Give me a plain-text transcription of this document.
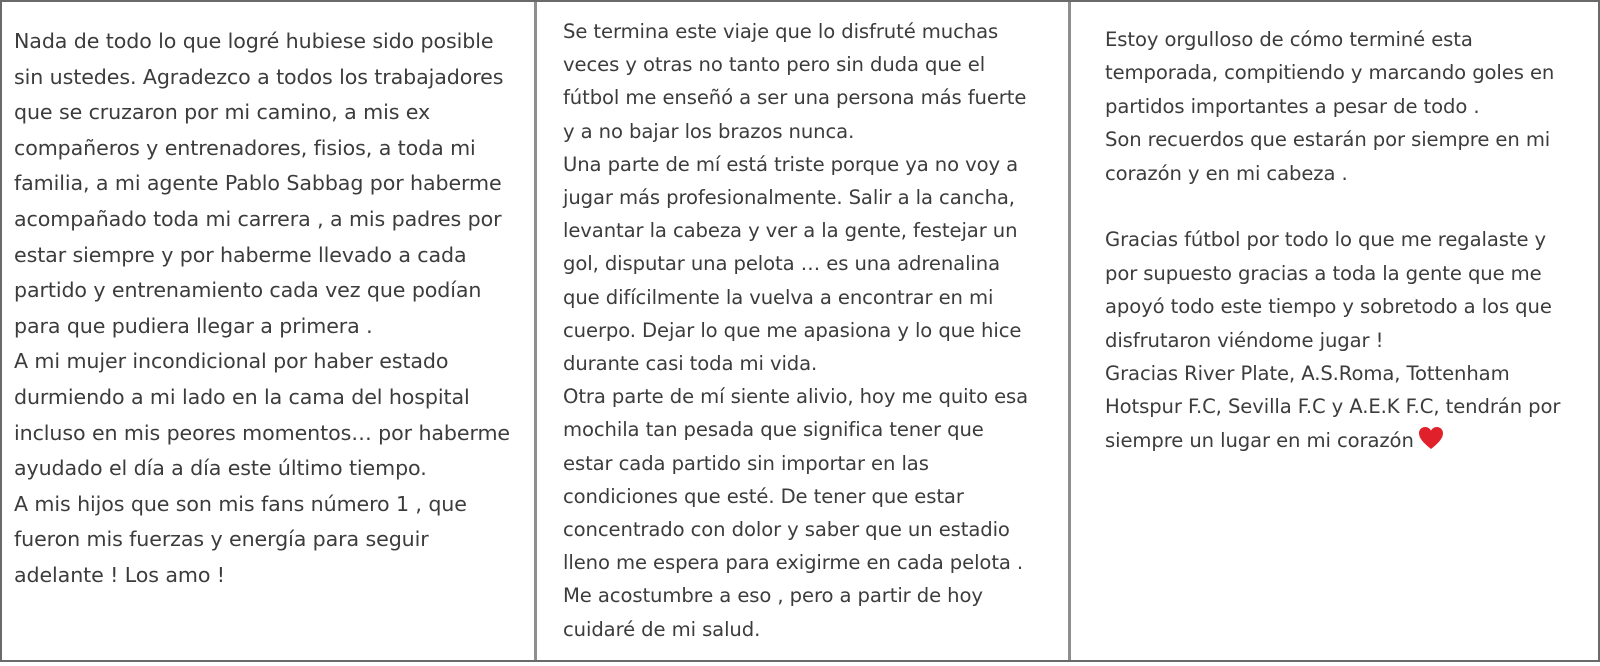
Nada de todo lo que logré hubiese sido posible
sin ustedes. Agradezco a todos los trabajadores
que se cruzaron por mi camino, a mis ex
compañeros y entrenadores, fisios, a toda mi
familia, a mi agente Pablo Sabbag por haberme
acompañado toda mi carrera , a mis padres por
estar siempre y por haberme llevado a cada
partido y entrenamiento cada vez que podían
para que pudiera llegar a primera .
A mi mujer incondicional por haber estado
durmiendo a mi lado en la cama del hospital
incluso en mis peores momentos… por haberme
ayudado el día a día este último tiempo.
A mis hijos que son mis fans número 1 , que
fueron mis fuerzas y energía para seguir
adelante ! Los amo !
Se termina este viaje que lo disfruté muchas
veces y otras no tanto pero sin duda que el
fútbol me enseñó a ser una persona más fuerte
y a no bajar los brazos nunca.
Una parte de mí está triste porque ya no voy a
jugar más profesionalmente. Salir a la cancha,
levantar la cabeza y ver a la gente, festejar un
gol, disputar una pelota … es una adrenalina
que difícilmente la vuelva a encontrar en mi
cuerpo. Dejar lo que me apasiona y lo que hice
durante casi toda mi vida.
Otra parte de mí siente alivio, hoy me quito esa
mochila tan pesada que significa tener que
estar cada partido sin importar en las
condiciones que esté. De tener que estar
concentrado con dolor y saber que un estadio
lleno me espera para exigirme en cada pelota .
Me acostumbre a eso , pero a partir de hoy
cuidaré de mi salud.
Estoy orgulloso de cómo terminé esta
temporada, compitiendo y marcando goles en
partidos importantes a pesar de todo .
Son recuerdos que estarán por siempre en mi
corazón y en mi cabeza .
Gracias fútbol por todo lo que me regalaste y
por supuesto gracias a toda la gente que me
apoyó todo este tiempo y sobretodo a los que
disfrutaron viéndome jugar !
Gracias River Plate, A.S.Roma, Tottenham
Hotspur F.C, Sevilla F.C y A.E.K F.C, tendrán por
siempre un lugar en mi corazón
